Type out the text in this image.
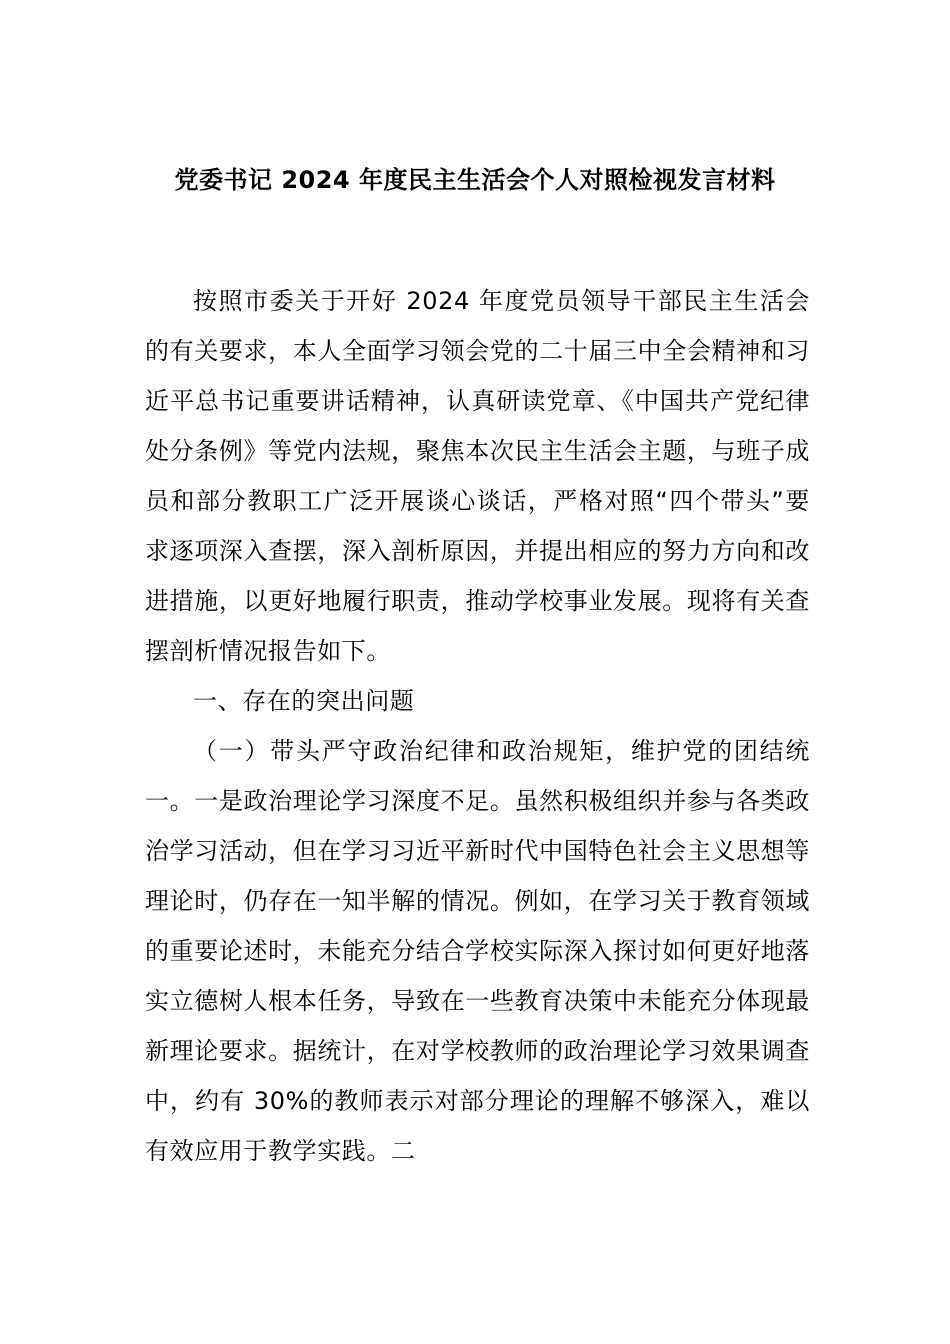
党委书记 2024 年度民主生活会个人对照检视发言材料

按照市委关于开好 2024 年度党员领导干部民主生活会的有关要求，本人全面学习领会党的二十届三中全会精神和习近平总书记重要讲话精神，认真研读党章、《中国共产党纪律处分条例》等党内法规，聚焦本次民主生活会主题，与班子成员和部分教职工广泛开展谈心谈话，严格对照“四个带头”要求逐项深入查摆，深入剖析原因，并提出相应的努力方向和改进措施，以更好地履行职责，推动学校事业发展。现将有关查摆剖析情况报告如下。

一、存在的突出问题

（一）带头严守政治纪律和政治规矩，维护党的团结统一。一是政治理论学习深度不足。虽然积极组织并参与各类政治学习活动，但在学习习近平新时代中国特色社会主义思想等理论时，仍存在一知半解的情况。例如，在学习关于教育领域的重要论述时，未能充分结合学校实际深入探讨如何更好地落实立德树人根本任务，导致在一些教育决策中未能充分体现最新理论要求。据统计，在对学校教师的政治理论学习效果调查中，约有 30%的教师表示对部分理论的理解不够深入，难以有效应用于教学实践。二
